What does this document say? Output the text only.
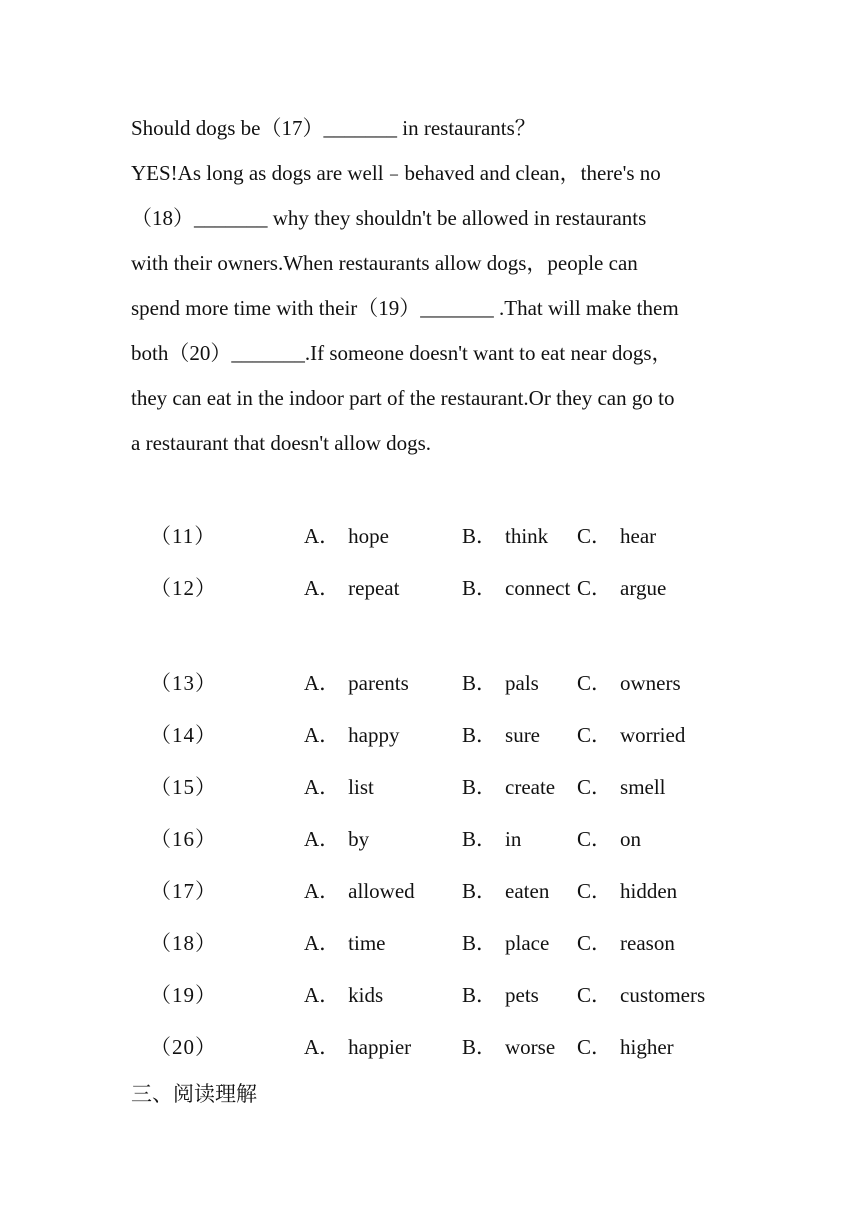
Should dogs be（17）_______ in restaurants？
YES!As long as dogs are well﹣behaved and clean，there's no
（18）_______ why they shouldn't be allowed in restaurants
with their owners.When restaurants allow dogs，people can
spend more time with their（19）_______ .That will make them
both（20）_______.If someone doesn't want to eat near dogs，
they can eat in the indoor part of the restaurant.Or they can go to
a restaurant that doesn't allow dogs.
（11）	A． hope	B． think C． hear
（12）	A． repeat	B． connect C． argue
（13）	A． parents	B． pals C． owners
（14）	A． happy	B． sure C． worried
（15）	A． list	B． create C． smell
（16）	A． by	B． in	C． on
（17）	A． allowed B． eaten C． hidden
（18）	A． time	B． place C． reason
（19）	A． kids	B． pets C． customers
（20）	A． happier B． worse C． higher
三、阅读理解
